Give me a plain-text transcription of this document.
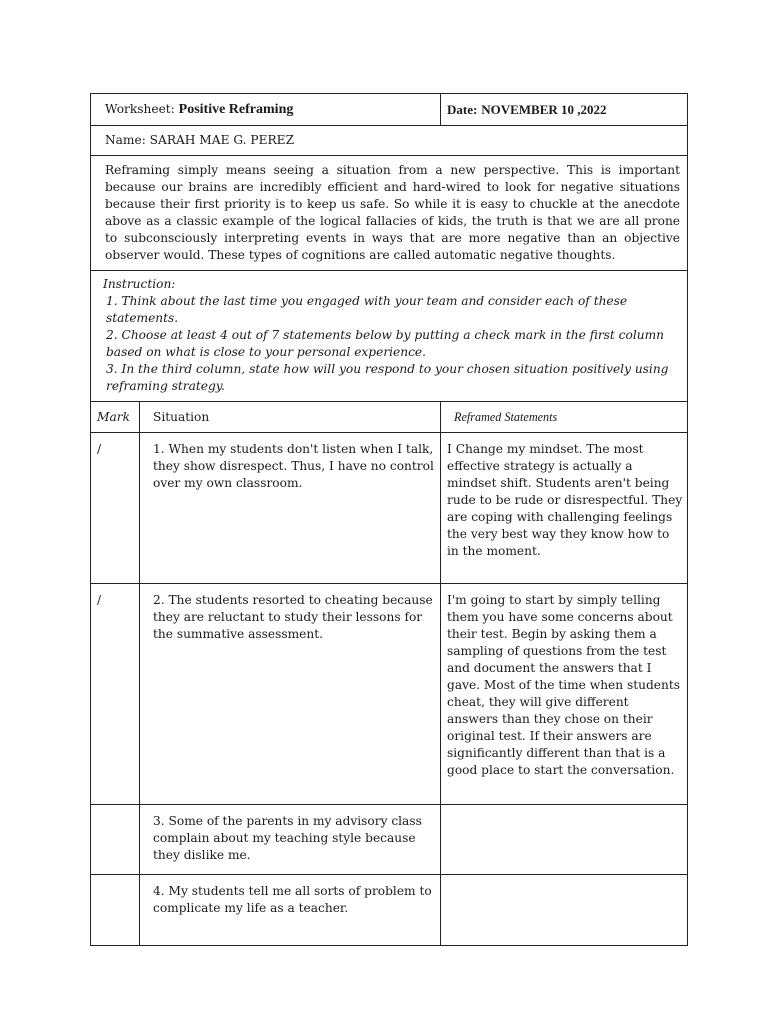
Worksheet: Positive Reframing		Date: NOVEMBER 10 ,2022
Name: SARAH MAE G. PEREZ		
Reframing simply means seeing a situation from a new perspective. This is important because our brains are incredibly efficient and hard-wired to look for negative situations because their first priority is to keep us safe. So while it is easy to chuckle at the anecdote above as a classic example of the logical fallacies of kids, the truth is that we are all prone to subconsciously interpreting events in ways that are more negative than an objective observer would. These types of cognitions are called automatic negative thoughts.		

Instruction:
1. Think about the last time you engaged with your team and consider each of these statements.
2. Choose at least 4 out of 7 statements below by putting a check mark in the first column based on what is close to your personal experience.
3. In the third column, state how will you respond to your chosen situation positively using reframing strategy.		

Mark	Situation	Reframed Statements
/	1. When my students don't listen when I talk, they show disrespect. Thus, I have no control over my own classroom.	I Change my mindset. The most effective strategy is actually a mindset shift. Students aren't being rude to be rude or disrespectful. They are coping with challenging feelings the very best way they know how to in the moment.
/	2. The students resorted to cheating because they are reluctant to study their lessons for the summative assessment.	I'm going to start by simply telling them you have some concerns about their test. Begin by asking them a sampling of questions from the test and document the answers that I gave. Most of the time when students cheat, they will give different answers than they chose on their original test. If their answers are significantly different than that is a good place to start the conversation.
	3. Some of the parents in my advisory class complain about my teaching style because they dislike me.	
	4. My students tell me all sorts of problem to complicate my life as a teacher.	
